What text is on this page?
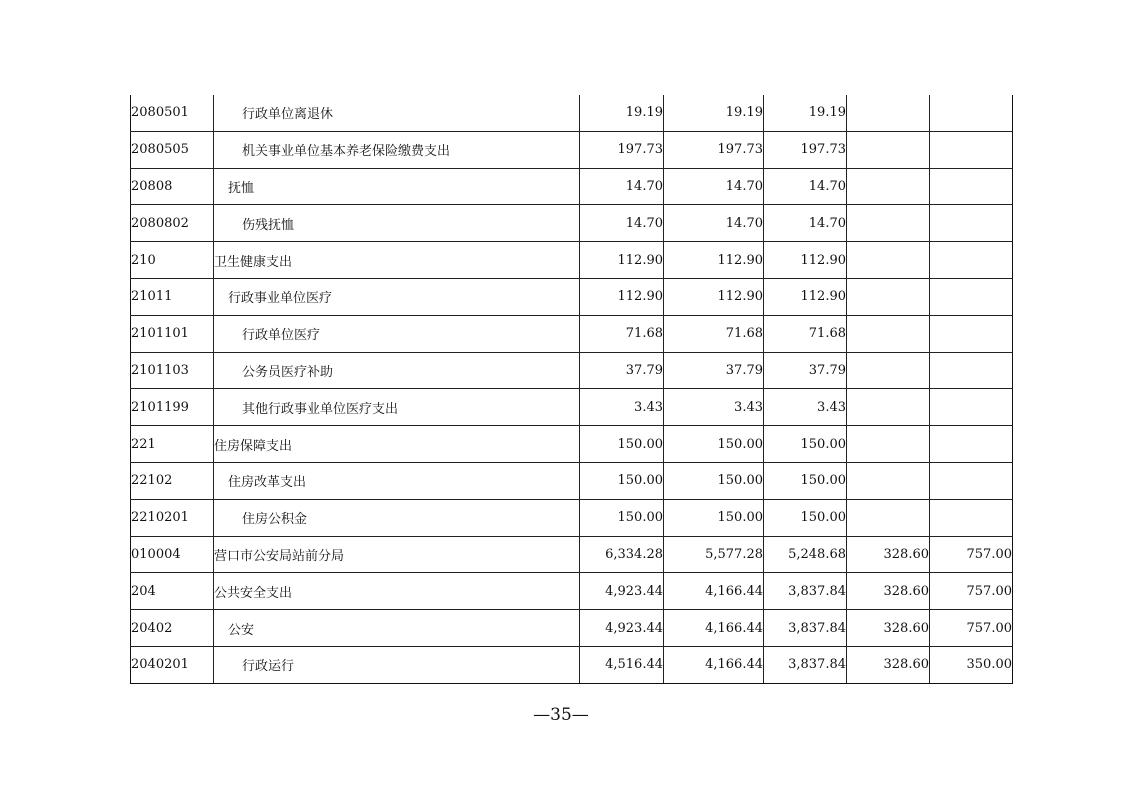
2080501	行政单位离退休	19.19	19.19	19.19		
2080505	机关事业单位基本养老保险缴费支出	197.73	197.73	197.73		
20808	抚恤	14.70	14.70	14.70		
2080802	伤残抚恤	14.70	14.70	14.70		
210	卫生健康支出	112.90	112.90	112.90		
21011	行政事业单位医疗	112.90	112.90	112.90		
2101101	行政单位医疗	71.68	71.68	71.68		
2101103	公务员医疗补助	37.79	37.79	37.79		
2101199	其他行政事业单位医疗支出	3.43	3.43	3.43		
221	住房保障支出	150.00	150.00	150.00		
22102	住房改革支出	150.00	150.00	150.00		
2210201	住房公积金	150.00	150.00	150.00		
010004	营口市公安局站前分局	6,334.28	5,577.28	5,248.68	328.60	757.00
204	公共安全支出	4,923.44	4,166.44	3,837.84	328.60	757.00
20402	公安	4,923.44	4,166.44	3,837.84	328.60	757.00
2040201	行政运行	4,516.44	4,166.44	3,837.84	328.60	350.00
—35—
